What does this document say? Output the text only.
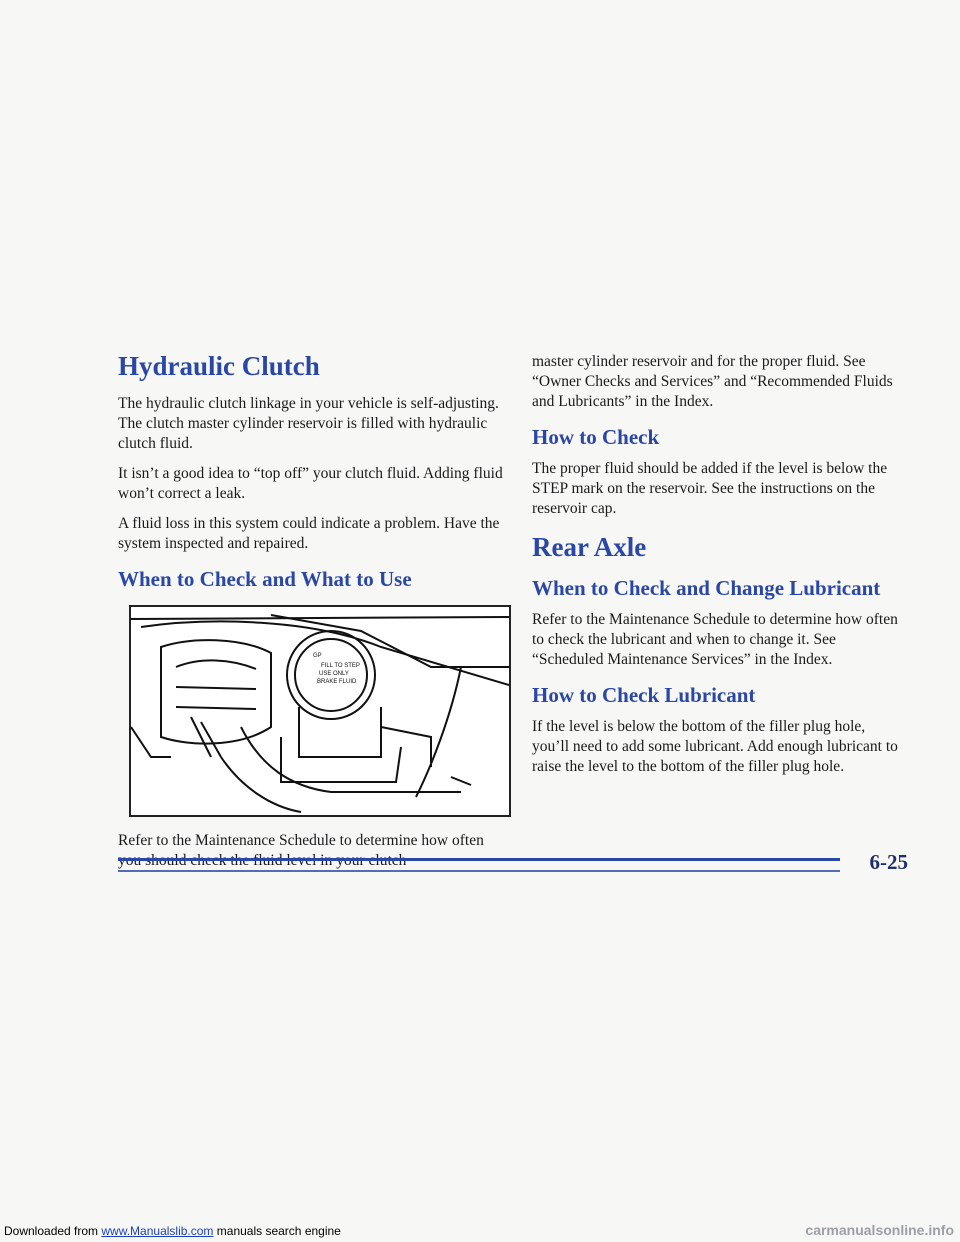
Hydraulic Clutch

The hydraulic clutch linkage in your vehicle is self-adjusting. The clutch master cylinder reservoir is filled with hydraulic clutch fluid.

It isn’t a good idea to “top off” your clutch fluid. Adding fluid won’t correct a leak.

A fluid loss in this system could indicate a problem. Have the system inspected and repaired.

When to Check and What to Use
GP
FILL TO STEP
USE ONLY
BRAKE FLUID

Refer to the Maintenance Schedule to determine how often

master cylinder reservoir and for the proper fluid. See “Owner Checks and Services” and “Recommended Fluids and Lubricants” in the Index.

How to Check

The proper fluid should be added if the level is below the STEP mark on the reservoir. See the instructions on the reservoir cap.

Rear Axle
When to Check and Change Lubricant

Refer to the Maintenance Schedule to determine how often to check the lubricant and when to change it. See “Scheduled Maintenance Services” in the Index.

How to Check Lubricant

If the level is below the bottom of the filler plug hole, you’ll need to add some lubricant. Add enough lubricant to raise the level to the bottom of the filler plug hole.

6-25
Downloaded from www.Manualslib.com manuals search engine	carmanualsonline.info
